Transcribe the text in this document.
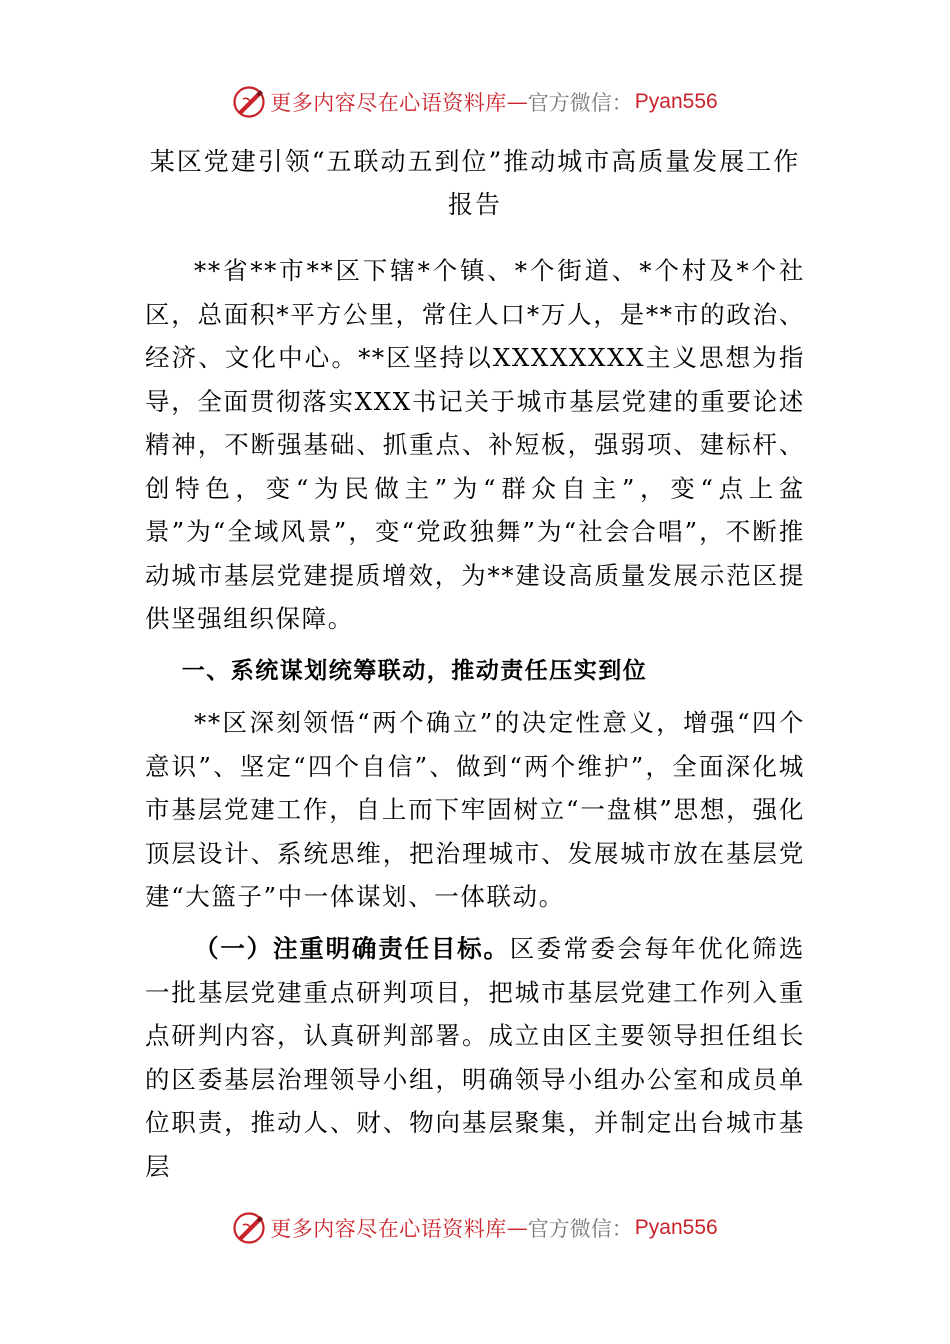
更多内容尽在心语资料库 — 官方微信： Pyan556
某区党建引领“五联动五到位”推动城市高质量发展工作
报告
**省**市**区下辖*个镇、*个街道、*个村及*个社区，总面积*平方公里，常住人口*万人，是**市的政治、经济、文化中心。**区坚持以XXXXXXXX主义思想为指导，全面贯彻落实XXX书记关于城市基层党建的重要论述精神，不断强基础、抓重点、补短板，强弱项、建标杆、创特色，变“为民做主”为“群众自主”，变“点上盆景”为“全域风景”，变“党政独舞”为“社会合唱”，不断推动城市基层党建提质增效，为**建设高质量发展示范区提供坚强组织保障。
一、系统谋划统筹联动，推动责任压实到位
**区深刻领悟“两个确立”的决定性意义，增强“四个意识”、坚定“四个自信”、做到“两个维护”，全面深化城市基层党建工作，自上而下牢固树立“一盘棋”思想，强化顶层设计、系统思维，把治理城市、发展城市放在基层党建“大篮子”中一体谋划、一体联动。
（一）注重明确责任目标。区委常委会每年优化筛选一批基层党建重点研判项目，把城市基层党建工作列入重点研判内容，认真研判部署。成立由区主要领导担任组长的区委基层治理领导小组，明确领导小组办公室和成员单位职责，推动人、财、物向基层聚集，并制定出台城市基层
更多内容尽在心语资料库 — 官方微信： Pyan556
